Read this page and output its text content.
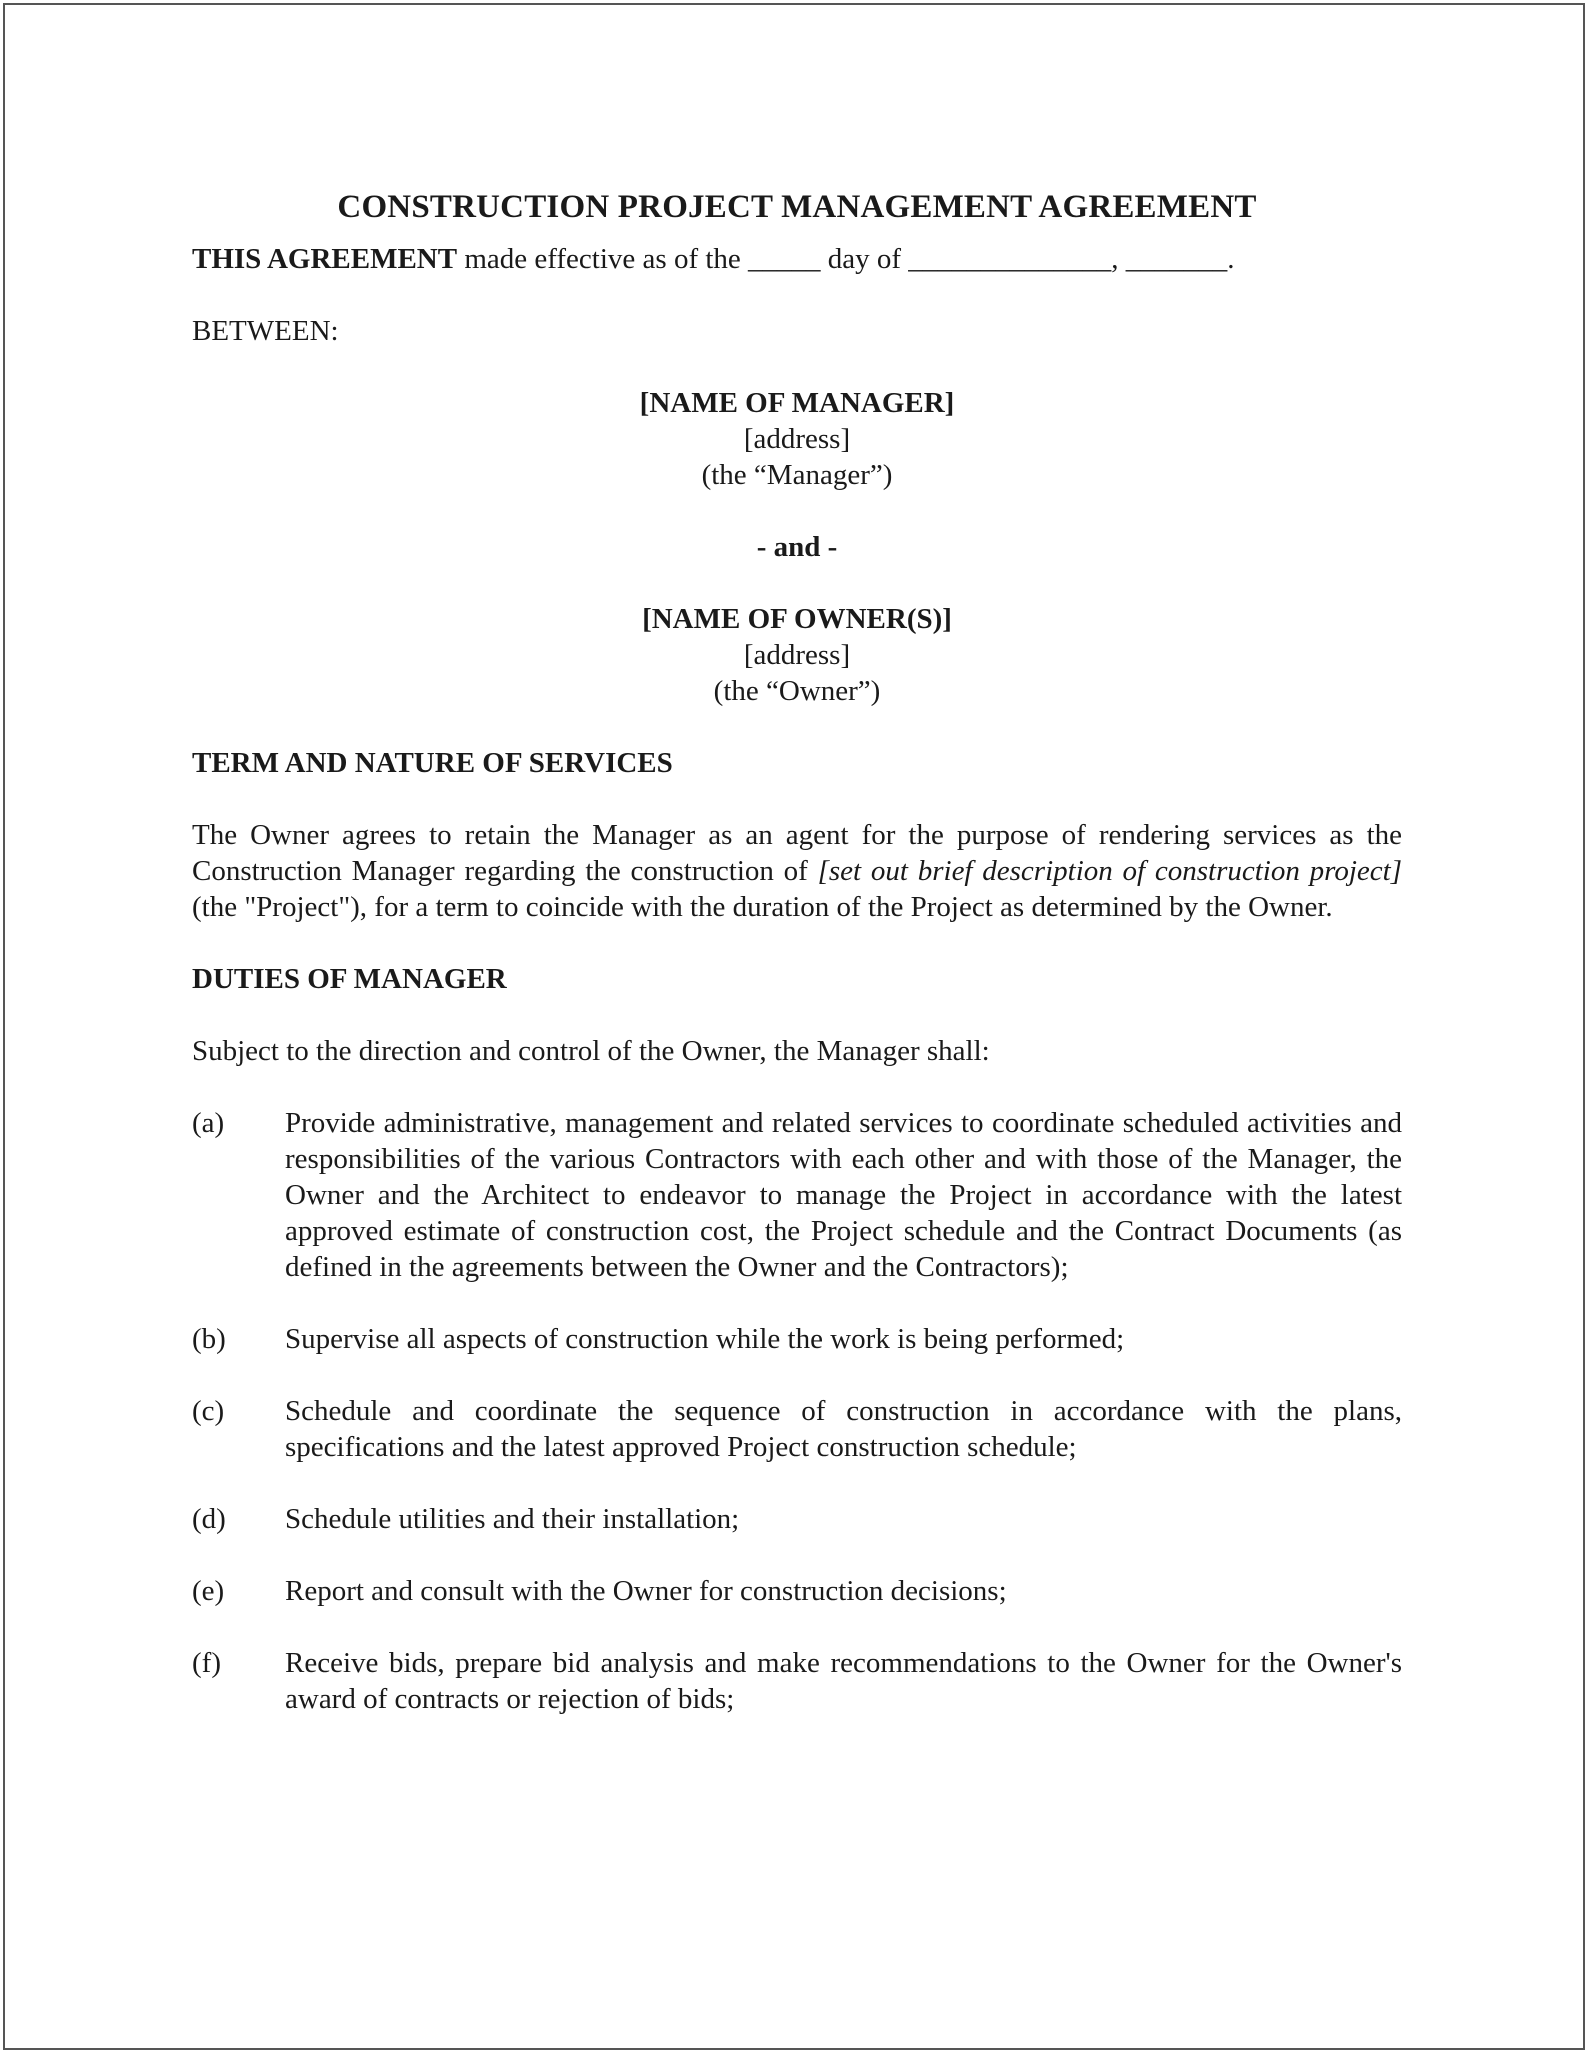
CONSTRUCTION PROJECT MANAGEMENT AGREEMENT
THIS AGREEMENT made effective as of the _____ day of ______________, _______.
BETWEEN:
[NAME OF MANAGER]
[address]
(the “Manager”)
- and -
[NAME OF OWNER(S)]
[address]
(the “Owner”)
TERM AND NATURE OF SERVICES
The Owner agrees to retain the Manager as an agent for the purpose of rendering services as the Construction Manager regarding the construction of [set out brief description of construction project] (the "Project"), for a term to coincide with the duration of the Project as determined by the Owner.
DUTIES OF MANAGER
Subject to the direction and control of the Owner, the Manager shall:
(a)	Provide administrative, management and related services to coordinate scheduled activities and responsibilities of the various Contractors with each other and with those of the Manager, the Owner and the Architect to endeavor to manage the Project in accordance with the latest approved estimate of construction cost, the Project schedule and the Contract Documents (as defined in the agreements between the Owner and the Contractors);
(b)	Supervise all aspects of construction while the work is being performed;
(c)	Schedule and coordinate the sequence of construction in accordance with the plans, specifications and the latest approved Project construction schedule;
(d)	Schedule utilities and their installation;
(e)	Report and consult with the Owner for construction decisions;
(f)	Receive bids, prepare bid analysis and make recommendations to the Owner for the Owner's award of contracts or rejection of bids;
